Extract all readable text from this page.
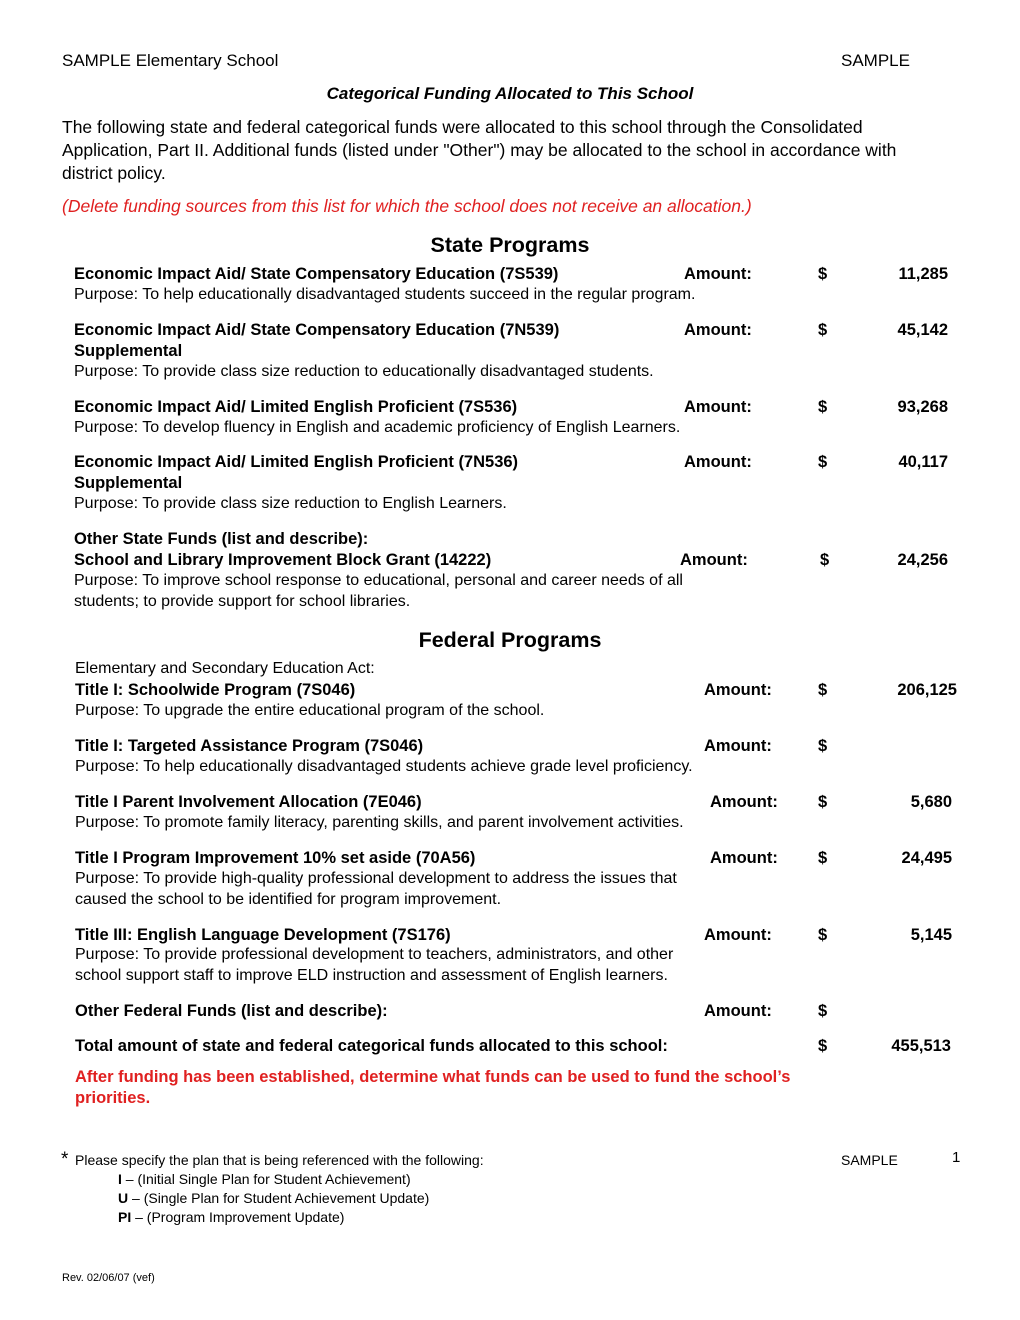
SAMPLE Elementary School	SAMPLE
Categorical Funding Allocated to This School
The following state and federal categorical funds were allocated to this school through the Consolidated Application, Part II. Additional funds (listed under "Other") may be allocated to the school in accordance with district policy.
(Delete funding sources from this list for which the school does not receive an allocation.)
State Programs
Economic Impact Aid/ State Compensatory Education (7S539)	Amount:	$	11,285
Purpose: To help educationally disadvantaged students succeed in the regular program.
Economic Impact Aid/ State Compensatory Education (7N539)	Amount:	$	45,142
Supplemental
Purpose: To provide class size reduction to educationally disadvantaged students.
Economic Impact Aid/ Limited English Proficient (7S536)	Amount:	$	93,268
Purpose: To develop fluency in English and academic proficiency of English Learners.
Economic Impact Aid/ Limited English Proficient (7N536)	Amount:	$	40,117
Supplemental
Purpose: To provide class size reduction to English Learners.
Other State Funds (list and describe):
School and Library Improvement Block Grant (14222)	Amount:	$	24,256
Purpose: To improve school response to educational, personal and career needs of all
students; to provide support for school libraries.
Federal Programs
Elementary and Secondary Education Act:
Title I: Schoolwide Program (7S046)	Amount:	$	206,125
Purpose: To upgrade the entire educational program of the school.
Title I: Targeted Assistance Program (7S046)	Amount:	$
Purpose: To help educationally disadvantaged students achieve grade level proficiency.
Title I Parent Involvement Allocation (7E046)	Amount: $	5,680
Purpose: To promote family literacy, parenting skills, and parent involvement activities.
Title I Program Improvement 10% set aside (70A56)	Amount: $	24,495
Purpose: To provide high-quality professional development to address the issues that
caused the school to be identified for program improvement.
Title III: English Language Development (7S176)	Amount:	$	5,145
Purpose: To provide professional development to teachers, administrators, and other
school support staff to improve ELD instruction and assessment of English learners.
Other Federal Funds (list and describe):	Amount:	$
Total amount of state and federal categorical funds allocated to this school:	$	455,513
After funding has been established, determine what funds can be used to fund the school’s
priorities.
* Please specify the plan that is being referenced with the following:	SAMPLE	1
I – (Initial Single Plan for Student Achievement)
U – (Single Plan for Student Achievement Update)
PI – (Program Improvement Update)
Rev. 02/06/07 (vef)
